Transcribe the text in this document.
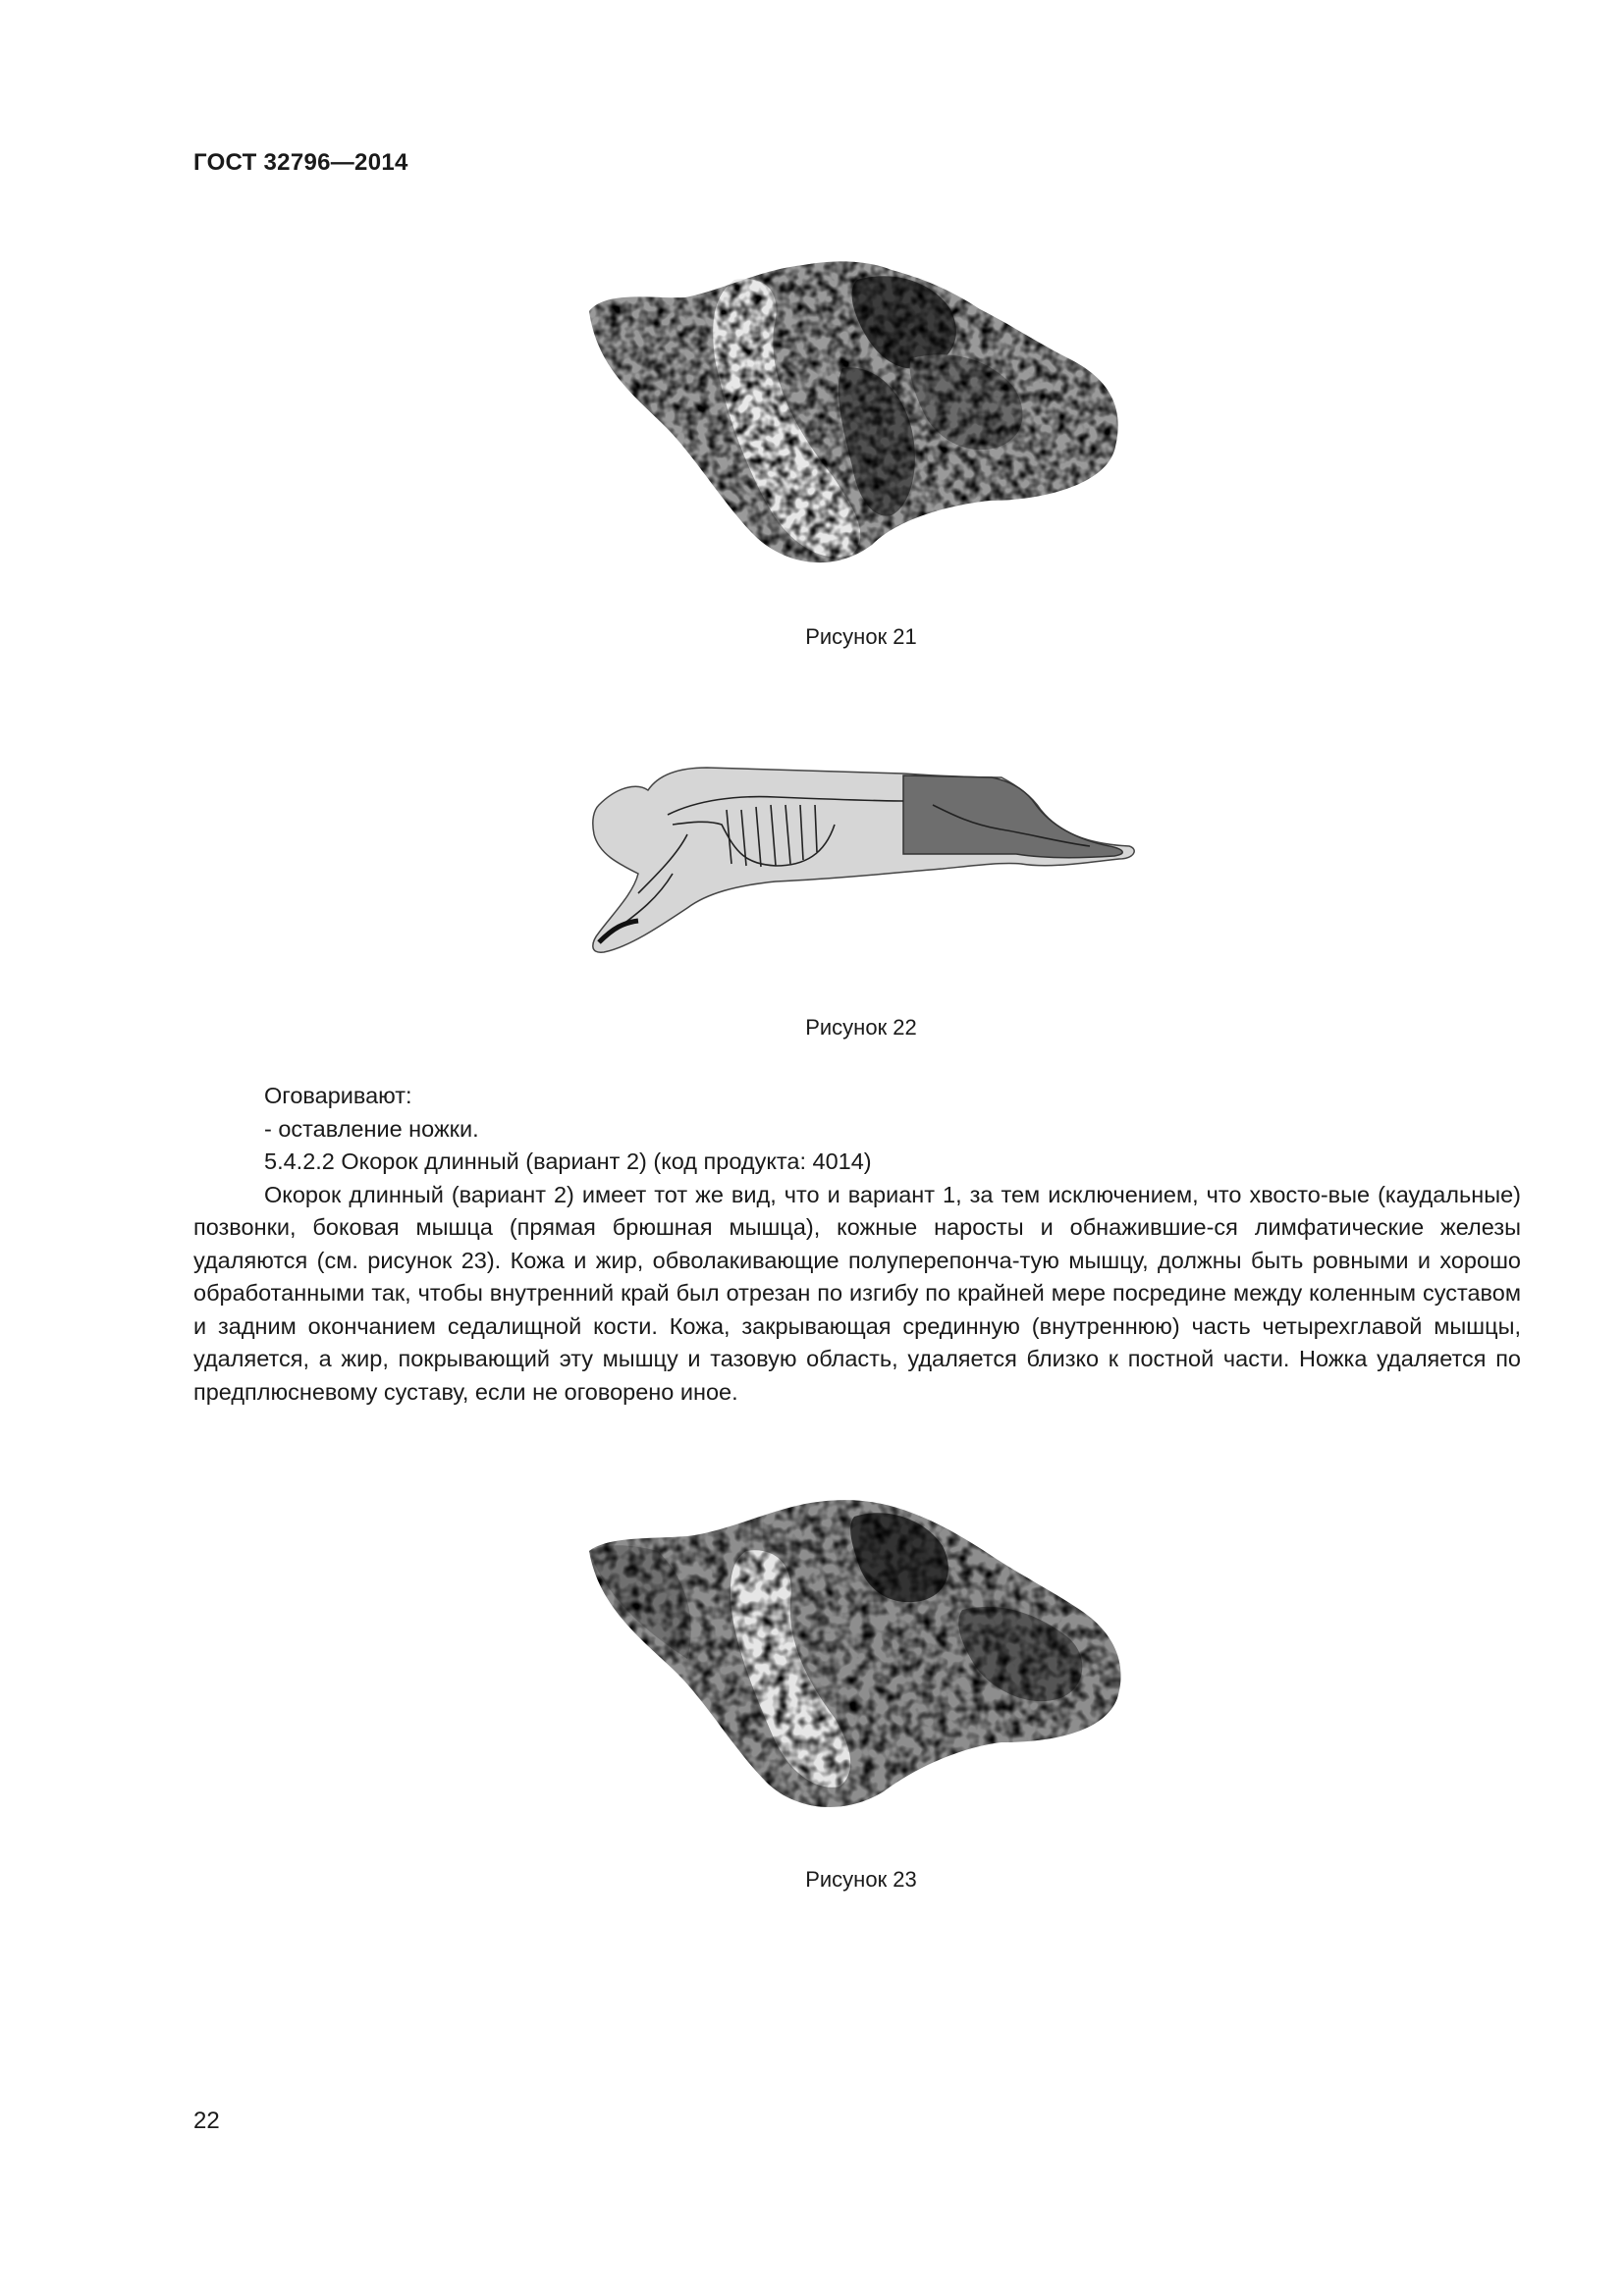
ГОСТ 32796—2014
Рисунок 21
Рисунок 22

Оговаривают:

- оставление ножки.

5.4.2.2 Окорок длинный (вариант 2) (код продукта: 4014)

Окорок длинный (вариант 2) имеет тот же вид, что и вариант 1, за тем исключением, что хвосто-вые (каудальные) позвонки, боковая мышца (прямая брюшная мышца), кожные наросты и обнажившие-ся лимфатические железы удаляются (см. рисунок 23). Кожа и жир, обволакивающие полуперепонча-тую мышцу, должны быть ровными и хорошо обработанными так, чтобы внутренний край был отрезан по изгибу по крайней мере посредине между коленным суставом и задним окончанием седалищной кости. Кожа, закрывающая срединную (внутреннюю) часть четырехглавой мышцы, удаляется, а жир, покрывающий эту мышцу и тазовую область, удаляется близко к постной части. Ножка удаляется по предплюсневому суставу, если не оговорено иное.

Рисунок 23
22
